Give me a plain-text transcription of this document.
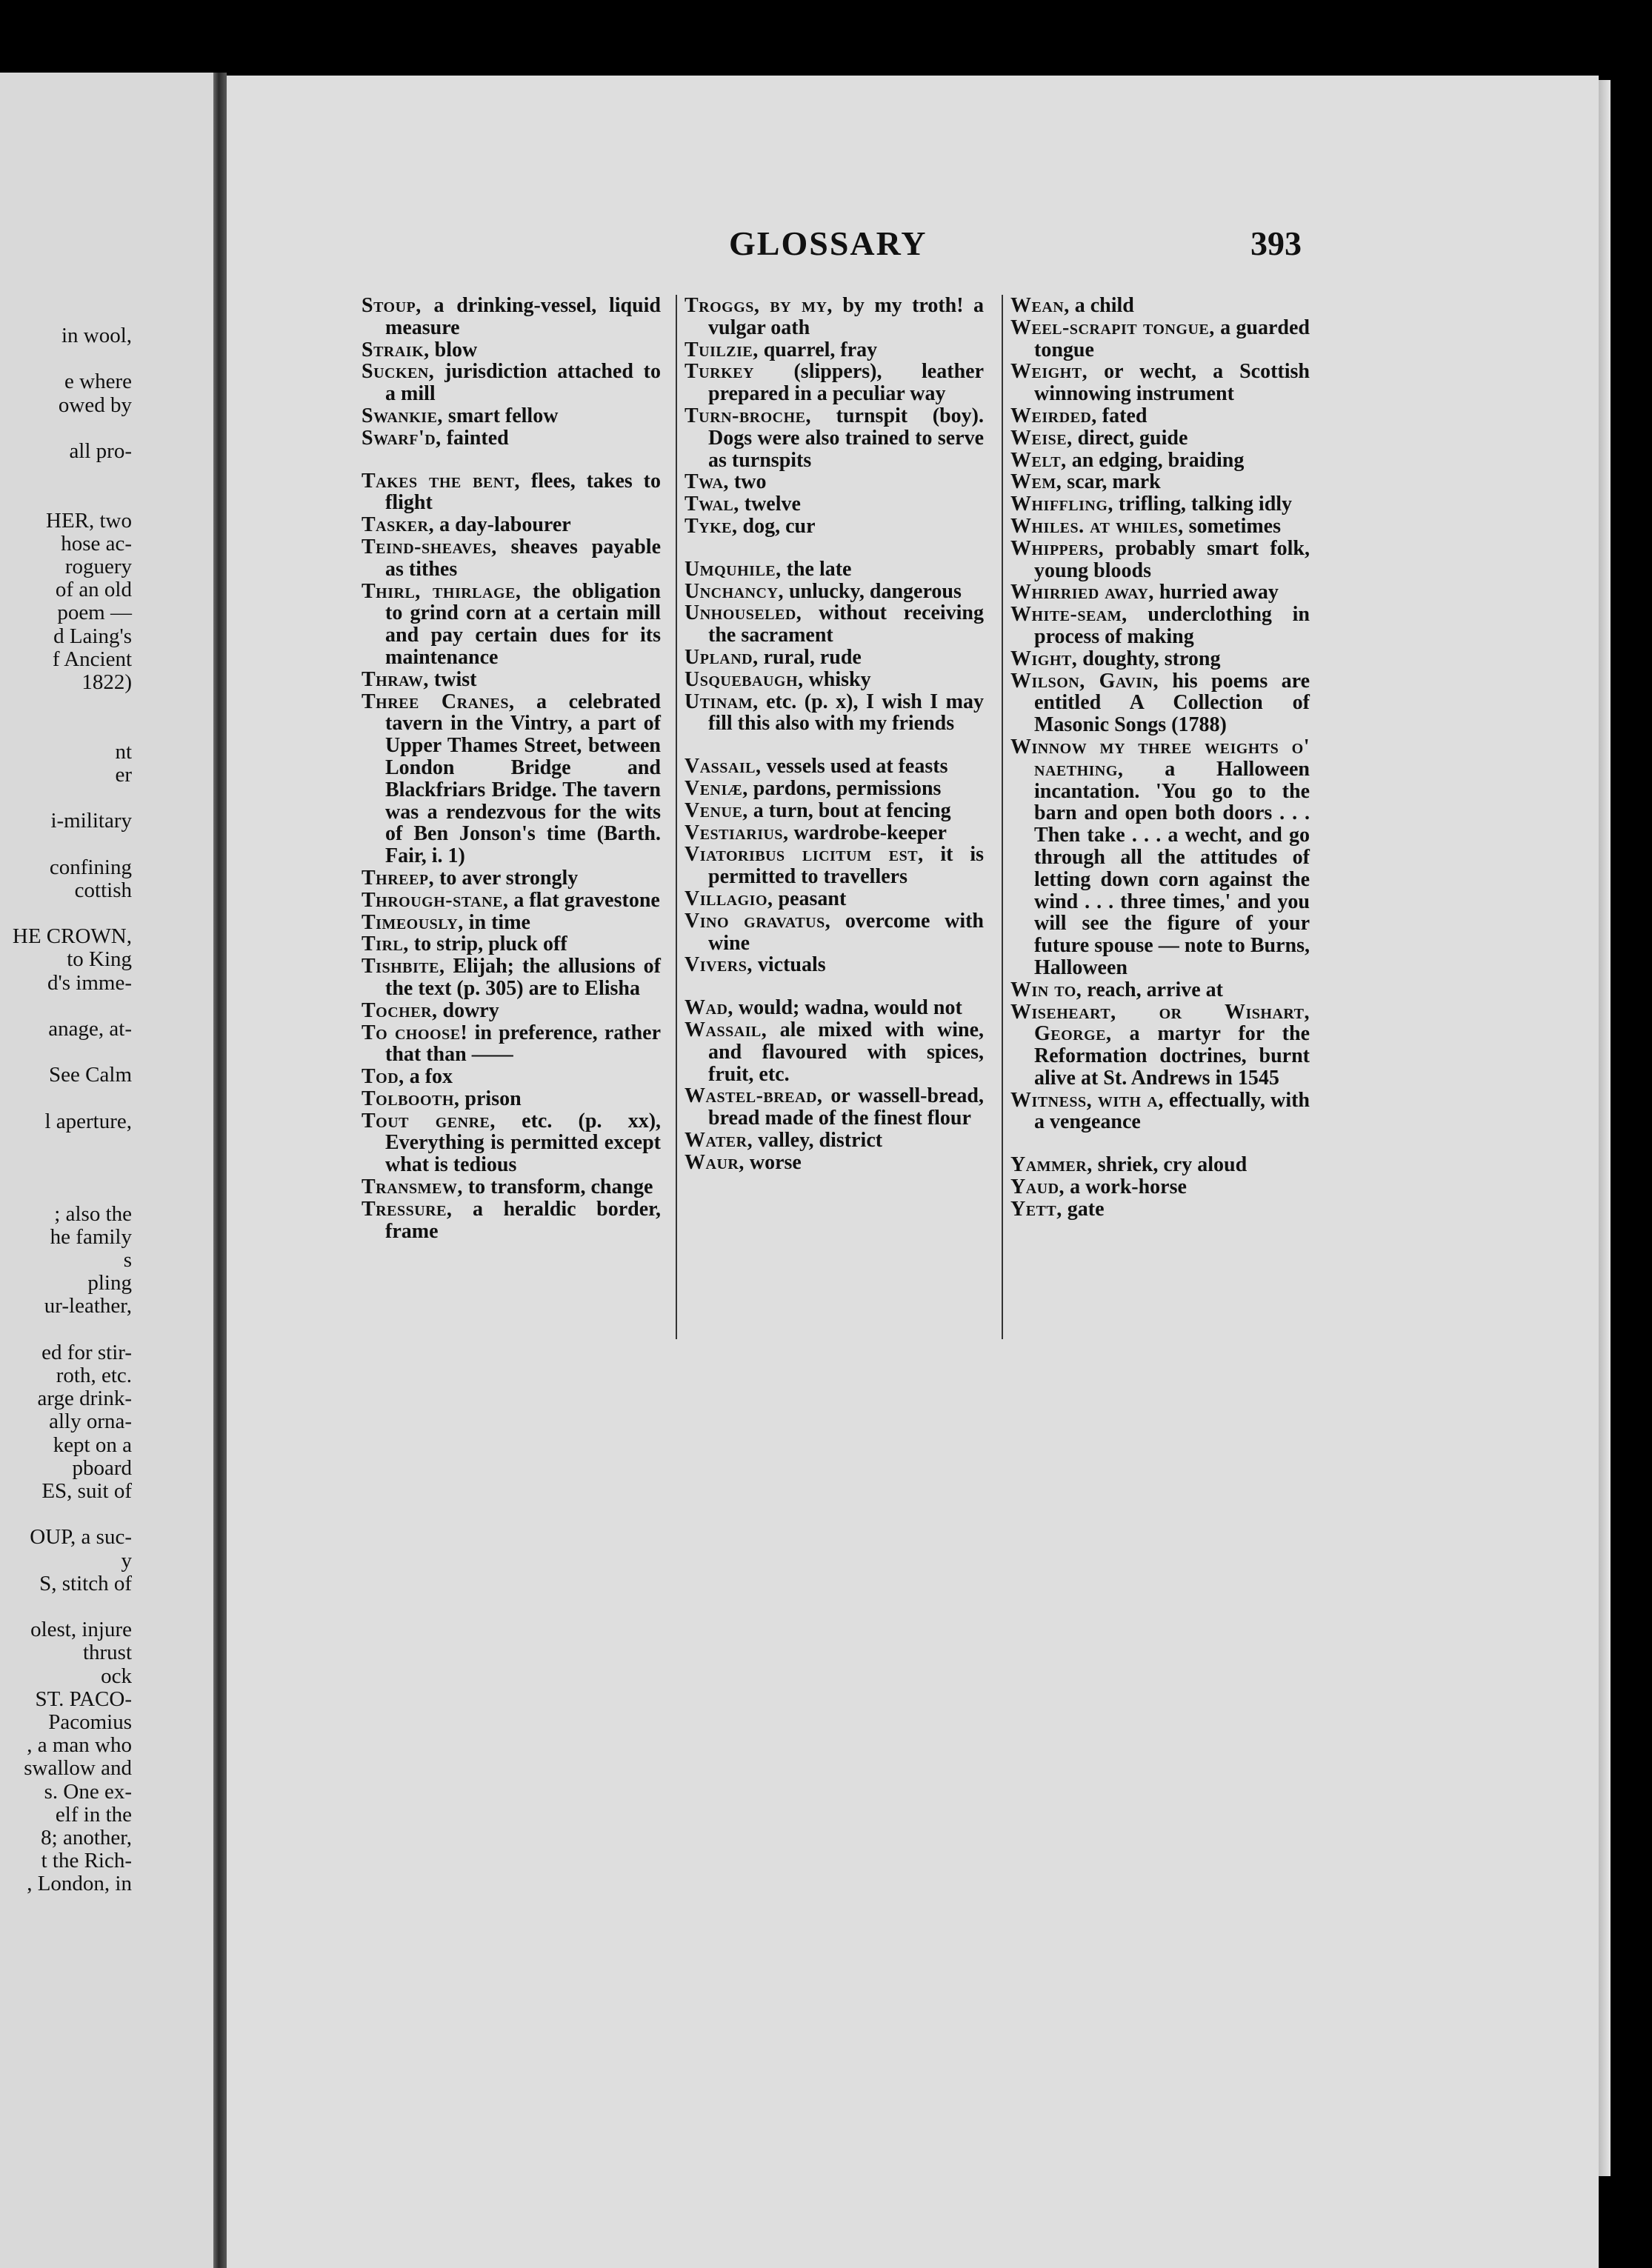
in wool,
e where
owed by
all pro-
HER, two
hose ac-
roguery
of an old
poem —
d Laing's
f Ancient
1822)
nt
er
i-military
confining
cottish
HE CROWN,
to King
d's imme-
anage, at-
See Calm
l aperture,
; also the
he family
s
pling
ur-leather,
ed for stir-
roth, etc.
arge drink-
ally orna-
kept on a
pboard
ES, suit of
OUP, a suc-
y
S, stitch of
olest, injure
thrust
ock
ST. PACO-
Pacomius
, a man who
swallow and
s. One ex-
elf in the
8; another,
t the Rich-
, London, in
GLOSSARY	393

Stoup, a drinking-vessel, liquid measure

Straik, blow

Sucken, jurisdiction attached to a mill

Swankie, smart fellow

Swarf'd, fainted

Takes the bent, flees, takes to flight

Tasker, a day-labourer

Teind-sheaves, sheaves payable as tithes

Thirl, thirlage, the obligation to grind corn at a certain mill and pay certain dues for its maintenance

Thraw, twist

Three Cranes, a celebrated tavern in the Vintry, a part of Upper Thames Street, between London Bridge and Blackfriars Bridge. The tavern was a rendezvous for the wits of Ben Jonson's time (Barth. Fair, i. 1)

Threep, to aver strongly

Through-stane, a flat gravestone

Timeously, in time

Tirl, to strip, pluck off

Tishbite, Elijah; the allusions of the text (p. 305) are to Elisha

Tocher, dowry

To choose! in preference, rather that than ——

Tod, a fox

Tolbooth, prison

Tout genre, etc. (p. xx), Everything is permitted except what is tedious

Transmew, to transform, change

Tressure, a heraldic border, frame

Troggs, by my, by my troth! a vulgar oath

Tuilzie, quarrel, fray

Turkey (slippers), leather prepared in a peculiar way

Turn-broche, turnspit (boy). Dogs were also trained to serve as turnspits

Twa, two

Twal, twelve

Tyke, dog, cur

Umquhile, the late

Unchancy, unlucky, dangerous

Unhouseled, without receiving the sacrament

Upland, rural, rude

Usquebaugh, whisky

Utinam, etc. (p. x), I wish I may fill this also with my friends

Vassail, vessels used at feasts

Veniæ, pardons, permissions

Venue, a turn, bout at fencing

Vestiarius, wardrobe-keeper

Viatoribus licitum est, it is permitted to travellers

Villagio, peasant

Vino gravatus, overcome with wine

Vivers, victuals

Wad, would; wadna, would not

Wassail, ale mixed with wine, and flavoured with spices, fruit, etc.

Wastel-bread, or wassell-bread, bread made of the finest flour

Water, valley, district

Waur, worse

Wean, a child

Weel-scrapit tongue, a guarded tongue

Weight, or wecht, a Scottish winnowing instrument

Weirded, fated

Weise, direct, guide

Welt, an edging, braiding

Wem, scar, mark

Whiffling, trifling, talking idly

Whiles. at whiles, sometimes

Whippers, probably smart folk, young bloods

Whirried away, hurried away

White-seam, underclothing in process of making

Wight, doughty, strong

Wilson, Gavin, his poems are entitled A Collection of Masonic Songs (1788)

Winnow my three weights o' naething, a Halloween incantation. 'You go to the barn and open both doors . . . Then take . . . a wecht, and go through all the attitudes of letting down corn against the wind . . . three times,' and you will see the figure of your future spouse — note to Burns, Halloween

Win to, reach, arrive at

Wiseheart, or Wishart, George, a martyr for the Reformation doctrines, burnt alive at St. Andrews in 1545

Witness, with a, effectually, with a vengeance

Yammer, shriek, cry aloud

Yaud, a work-horse

Yett, gate
